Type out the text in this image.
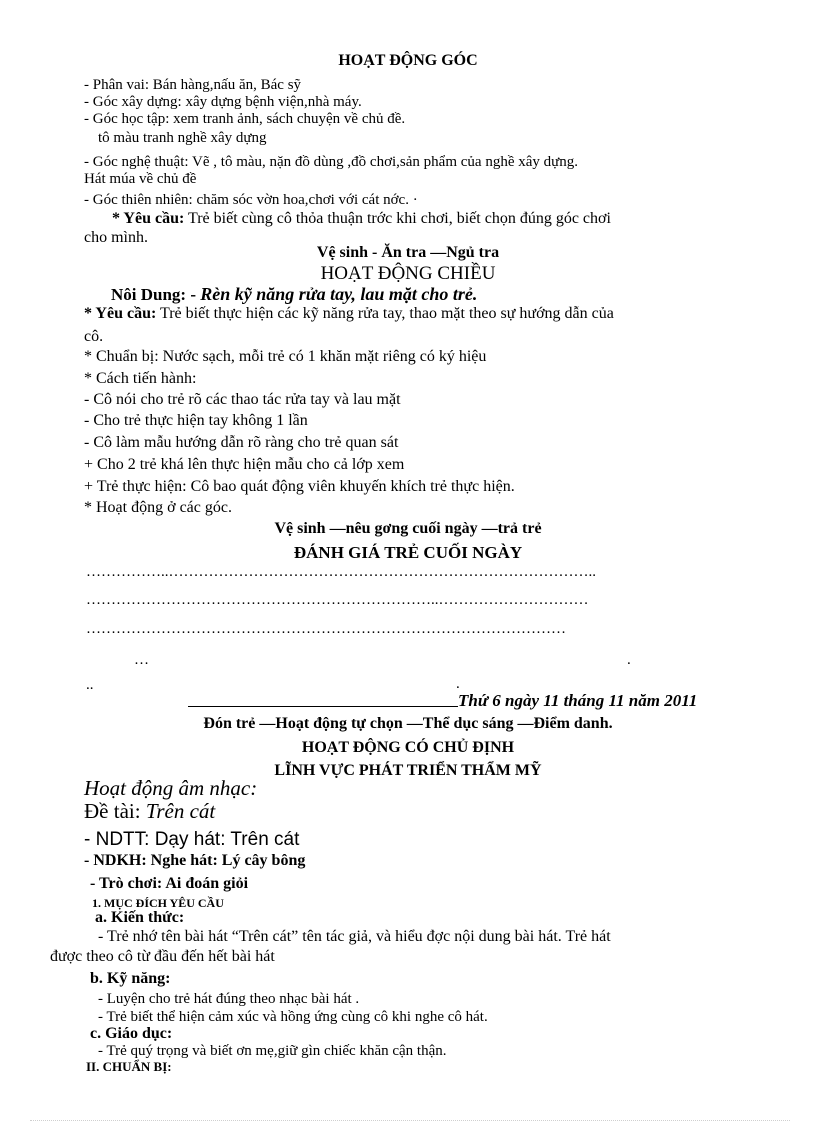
HOẠT ĐỘNG GÓC
- Phân vai: Bán hàng,nấu ăn, Bác sỹ
- Góc xây dựng: xây dựng bệnh viện,nhà máy.
- Góc học tập: xem tranh ảnh, sách chuyện về chủ đề.
tô màu tranh nghề xây dựng
- Góc nghệ thuật: Vẽ , tô màu, nặn đồ dùng ,đồ chơi,sản phẩm của nghề xây dựng.
Hát múa về chủ đề
- Góc thiên nhiên: chăm sóc vờn hoa,chơi với cát nớc. ·
* Yêu cầu: Trẻ biết cùng cô thỏa thuận trớc khi chơi, biết chọn đúng góc chơi
cho mình.
Vệ sinh - Ăn tra —Ngủ tra
HOẠT ĐỘNG CHIỀU
Nôi Dung: - Rèn kỹ năng rửa tay, lau mặt cho trẻ.
* Yêu cầu: Trẻ biết thực hiện các kỹ năng rửa tay, thao mặt theo sự hướng dẫn của
cô.
* Chuẩn bị: Nước sạch, mỗi trẻ có 1 khăn mặt riêng có ký hiệu
* Cách tiến hành:
- Cô nói cho trẻ rõ các thao tác rửa tay và lau mặt
- Cho trẻ thực hiện tay không 1 lần
- Cô làm mẫu hướng dẫn rõ ràng cho trẻ quan sát
+ Cho 2 trẻ khá lên thực hiện mẫu cho cả lớp xem
+ Trẻ thực hiện: Cô bao quát động viên khuyến khích trẻ thực hiện.
* Hoạt động ở các góc.
Vệ sinh —nêu gơng cuối ngày —trả trẻ
ĐÁNH GIÁ TRẺ CUỐI NGÀY
……………..…………………………………………………………………………..
……………………………………………………………..…………………………
……………………………………………………………………………………
…	.
..	.
Thứ 6 ngày 11 tháng 11 năm 2011
Đón trẻ —Hoạt động tự chọn —Thể dục sáng —Điểm danh.
HOẠT ĐỘNG CÓ CHỦ ĐỊNH
LĨNH VỰC PHÁT TRIỂN THẨM MỸ
Hoạt động âm nhạc:
Đề tài: Trên cát
- NDTT: Dạy hát: Trên cát
- NDKH: Nghe hát: Lý cây bông
- Trò chơi: Ai đoán giỏi
1. MỤC ĐÍCH YÊU CẦU
a. Kiến thức:
- Trẻ nhớ tên bài hát “Trên cát” tên tác giả, và hiểu đợc nội dung bài hát. Trẻ hát
được theo cô từ đầu đến hết bài hát
b. Kỹ năng:
- Luyện cho trẻ hát đúng theo nhạc bài hát .
- Trẻ biết thể hiện cảm xúc và hồng ứng cùng cô khi nghe cô hát.
c. Giáo dục:
- Trẻ quý trọng và biết ơn mẹ,giữ gìn chiếc khăn cận thận.
II. CHUẨN BỊ:
